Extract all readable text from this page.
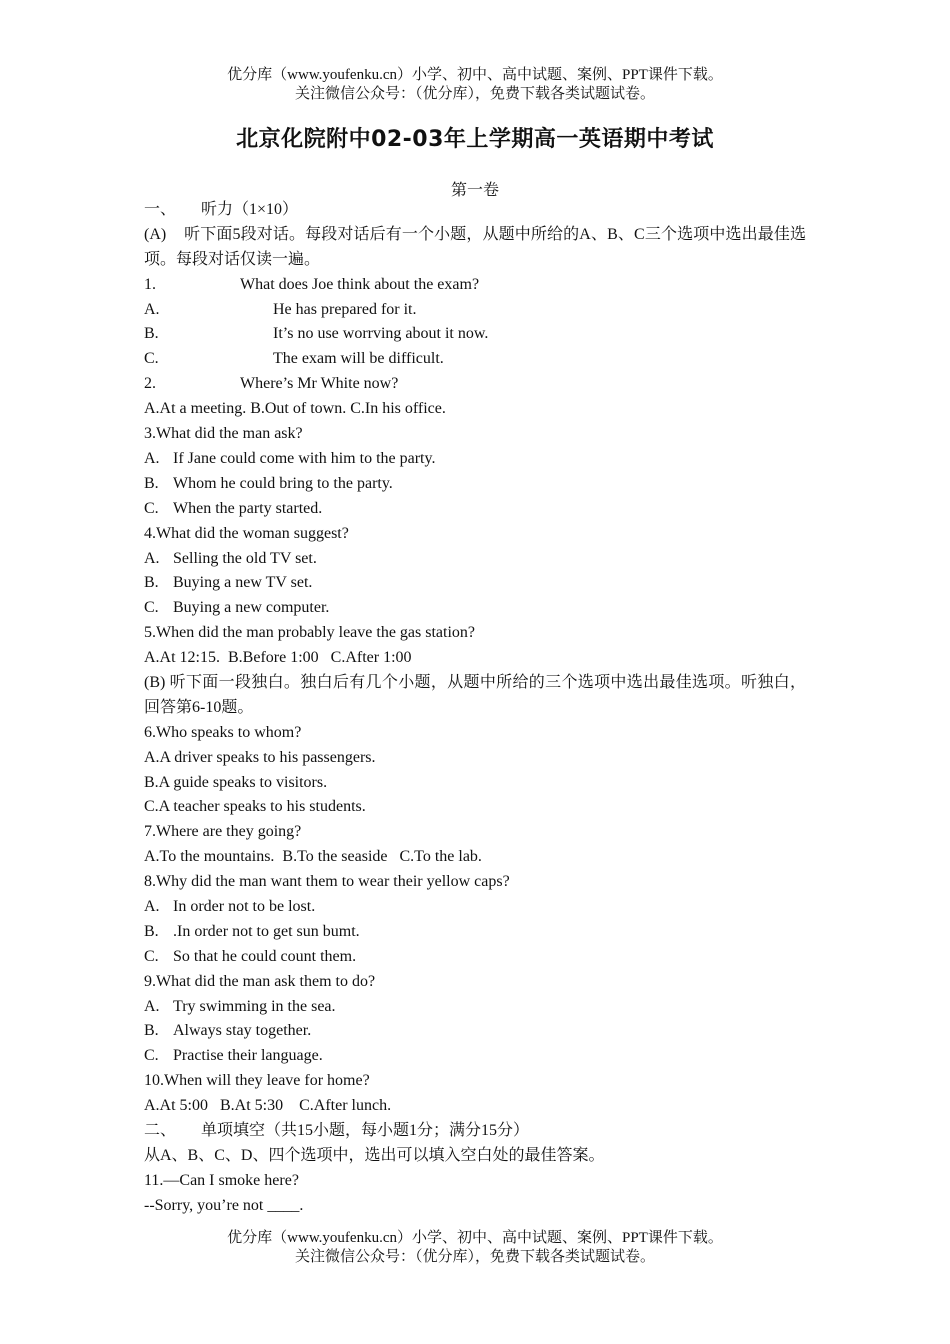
优分库（www.youfenku.cn）小学、初中、高中试题、案例、PPT课件下载。
关注微信公众号：（优分库），免费下载各类试题试卷。
北京化院附中02-03年上学期高一英语期中考试
第一卷
一、 听力（1×10）
(A) 听下面5段对话。每段对话后有一个小题，从题中所给的A、B、C三个选项中选出最佳选项。每段对话仅读一遍。
1.	What does Joe think about the exam?
A.	He has prepared for it.
B.	It’s no use worrving about it now.
C.	The exam will be difficult.
2.	Where’s Mr White now?
A.At a meeting. B.Out of town. C.In his office.
3.What did the man ask?
A. If Jane could come with him to the party.
B. Whom he could bring to the party.
C. When the party started.
4.What did the woman suggest?
A. Selling the old TV set.
B. Buying a new TV set.
C. Buying a new computer.
5.When did the man probably leave the gas station?
A.At 12:15.  B.Before 1:00   C.After 1:00
(B) 听下面一段独白。独白后有几个小题，从题中所给的三个选项中选出最佳选项。听独白，回答第6-10题。
6.Who speaks to whom?
A.A driver speaks to his passengers.
B.A guide speaks to visitors.
C.A teacher speaks to his students.
7.Where are they going?
A.To the mountains.  B.To the seaside   C.To the lab.
8.Why did the man want them to wear their yellow caps?
A. In order not to be lost.
B. .In order not to get sun bumt.
C. So that he could count them.
9.What did the man ask them to do?
A. Try swimming in the sea.
B. Always stay together.
C. Practise their language.
10.When will they leave for home?
A.At 5:00   B.At 5:30    C.After lunch.
二、 单项填空（共15小题，每小题1分；满分15分）
从A、B、C、D、四个选项中，选出可以填入空白处的最佳答案。
11.—Can I smoke here?
--Sorry, you’re not ____.
优分库（www.youfenku.cn）小学、初中、高中试题、案例、PPT课件下载。
关注微信公众号：（优分库），免费下载各类试题试卷。
